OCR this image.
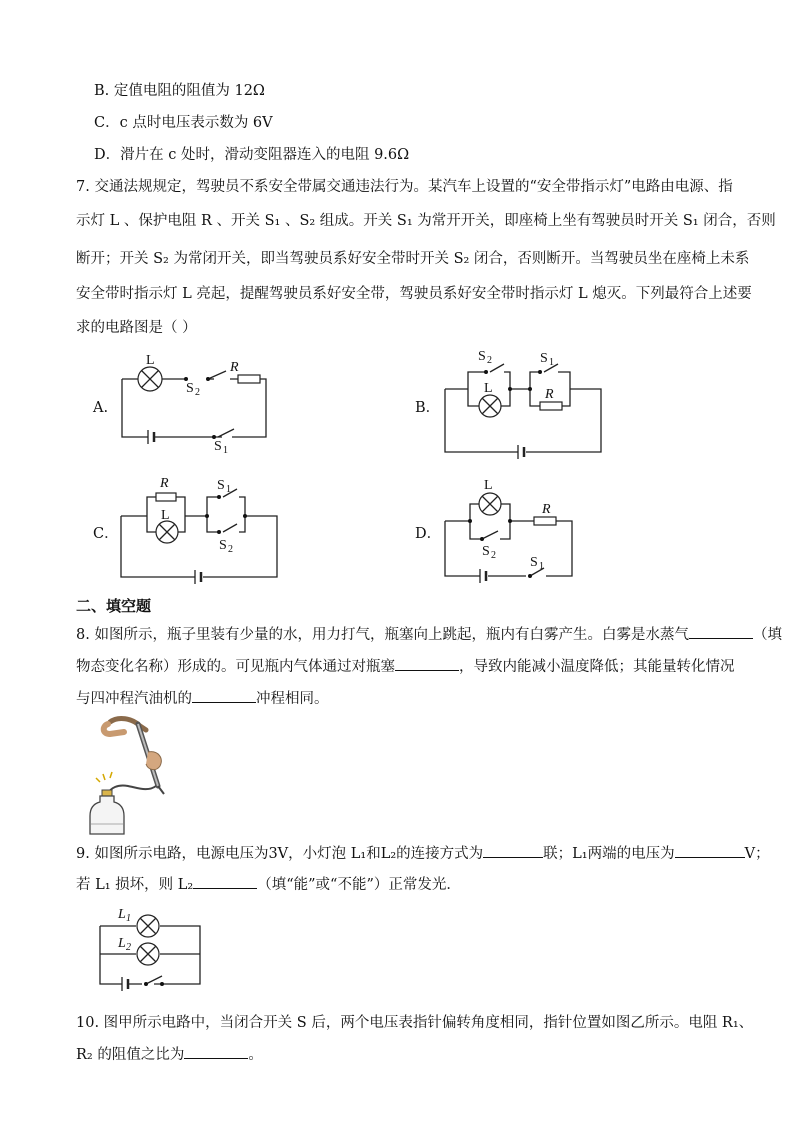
B. 定值电阻的阻值为 12Ω
C．c 点时电压表示数为 6V
D．滑片在 c 处时，滑动变阻器连入的电阻 9.6Ω
7. 交通法规规定，驾驶员不系安全带属交通违法行为。某汽车上设置的“安全带指示灯”电路由电源、指
示灯 L 、保护电阻 R 、开关 S₁ 、S₂ 组成。开关 S₁ 为常开开关，即座椅上坐有驾驶员时开关 S₁ 闭合，否则
断开；开关 S₂ 为常闭开关，即当驾驶员系好安全带时开关 S₂ 闭合，否则断开。当驾驶员坐在座椅上未系
安全带时指示灯 L 亮起，提醒驾驶员系好安全带，驾驶员系好安全带时指示灯 L 熄灭。下列最符合上述要
求的电路图是（ ）
A.
L	R
S 2
S 1
B．
S 2	S 1
L	R
C．
R
L
S 1
S 2
D．
L
R
S 2 S 1
二、填空题
8. 如图所示，瓶子里装有少量的水，用力打气，瓶塞向上跳起，瓶内有白雾产生。白雾是水蒸气	（填
物态变化名称）形成的。可见瓶内气体通过对瓶塞	，导致内能减小温度降低；其能量转化情况
与四冲程汽油机的	冲程相同。
9. 如图所示电路，电源电压为3V，小灯泡 L₁和L₂的连接方式为	联；L₁两端的电压为	V；
若 L₁ 损坏，则 L₂	（填“能”或“不能”）正常发光．
L 1
L 2
10. 图甲所示电路中，当闭合开关 S 后，两个电压表指针偏转角度相同，指针位置如图乙所示。电阻 R₁、
R₂ 的阻值之比为	。
